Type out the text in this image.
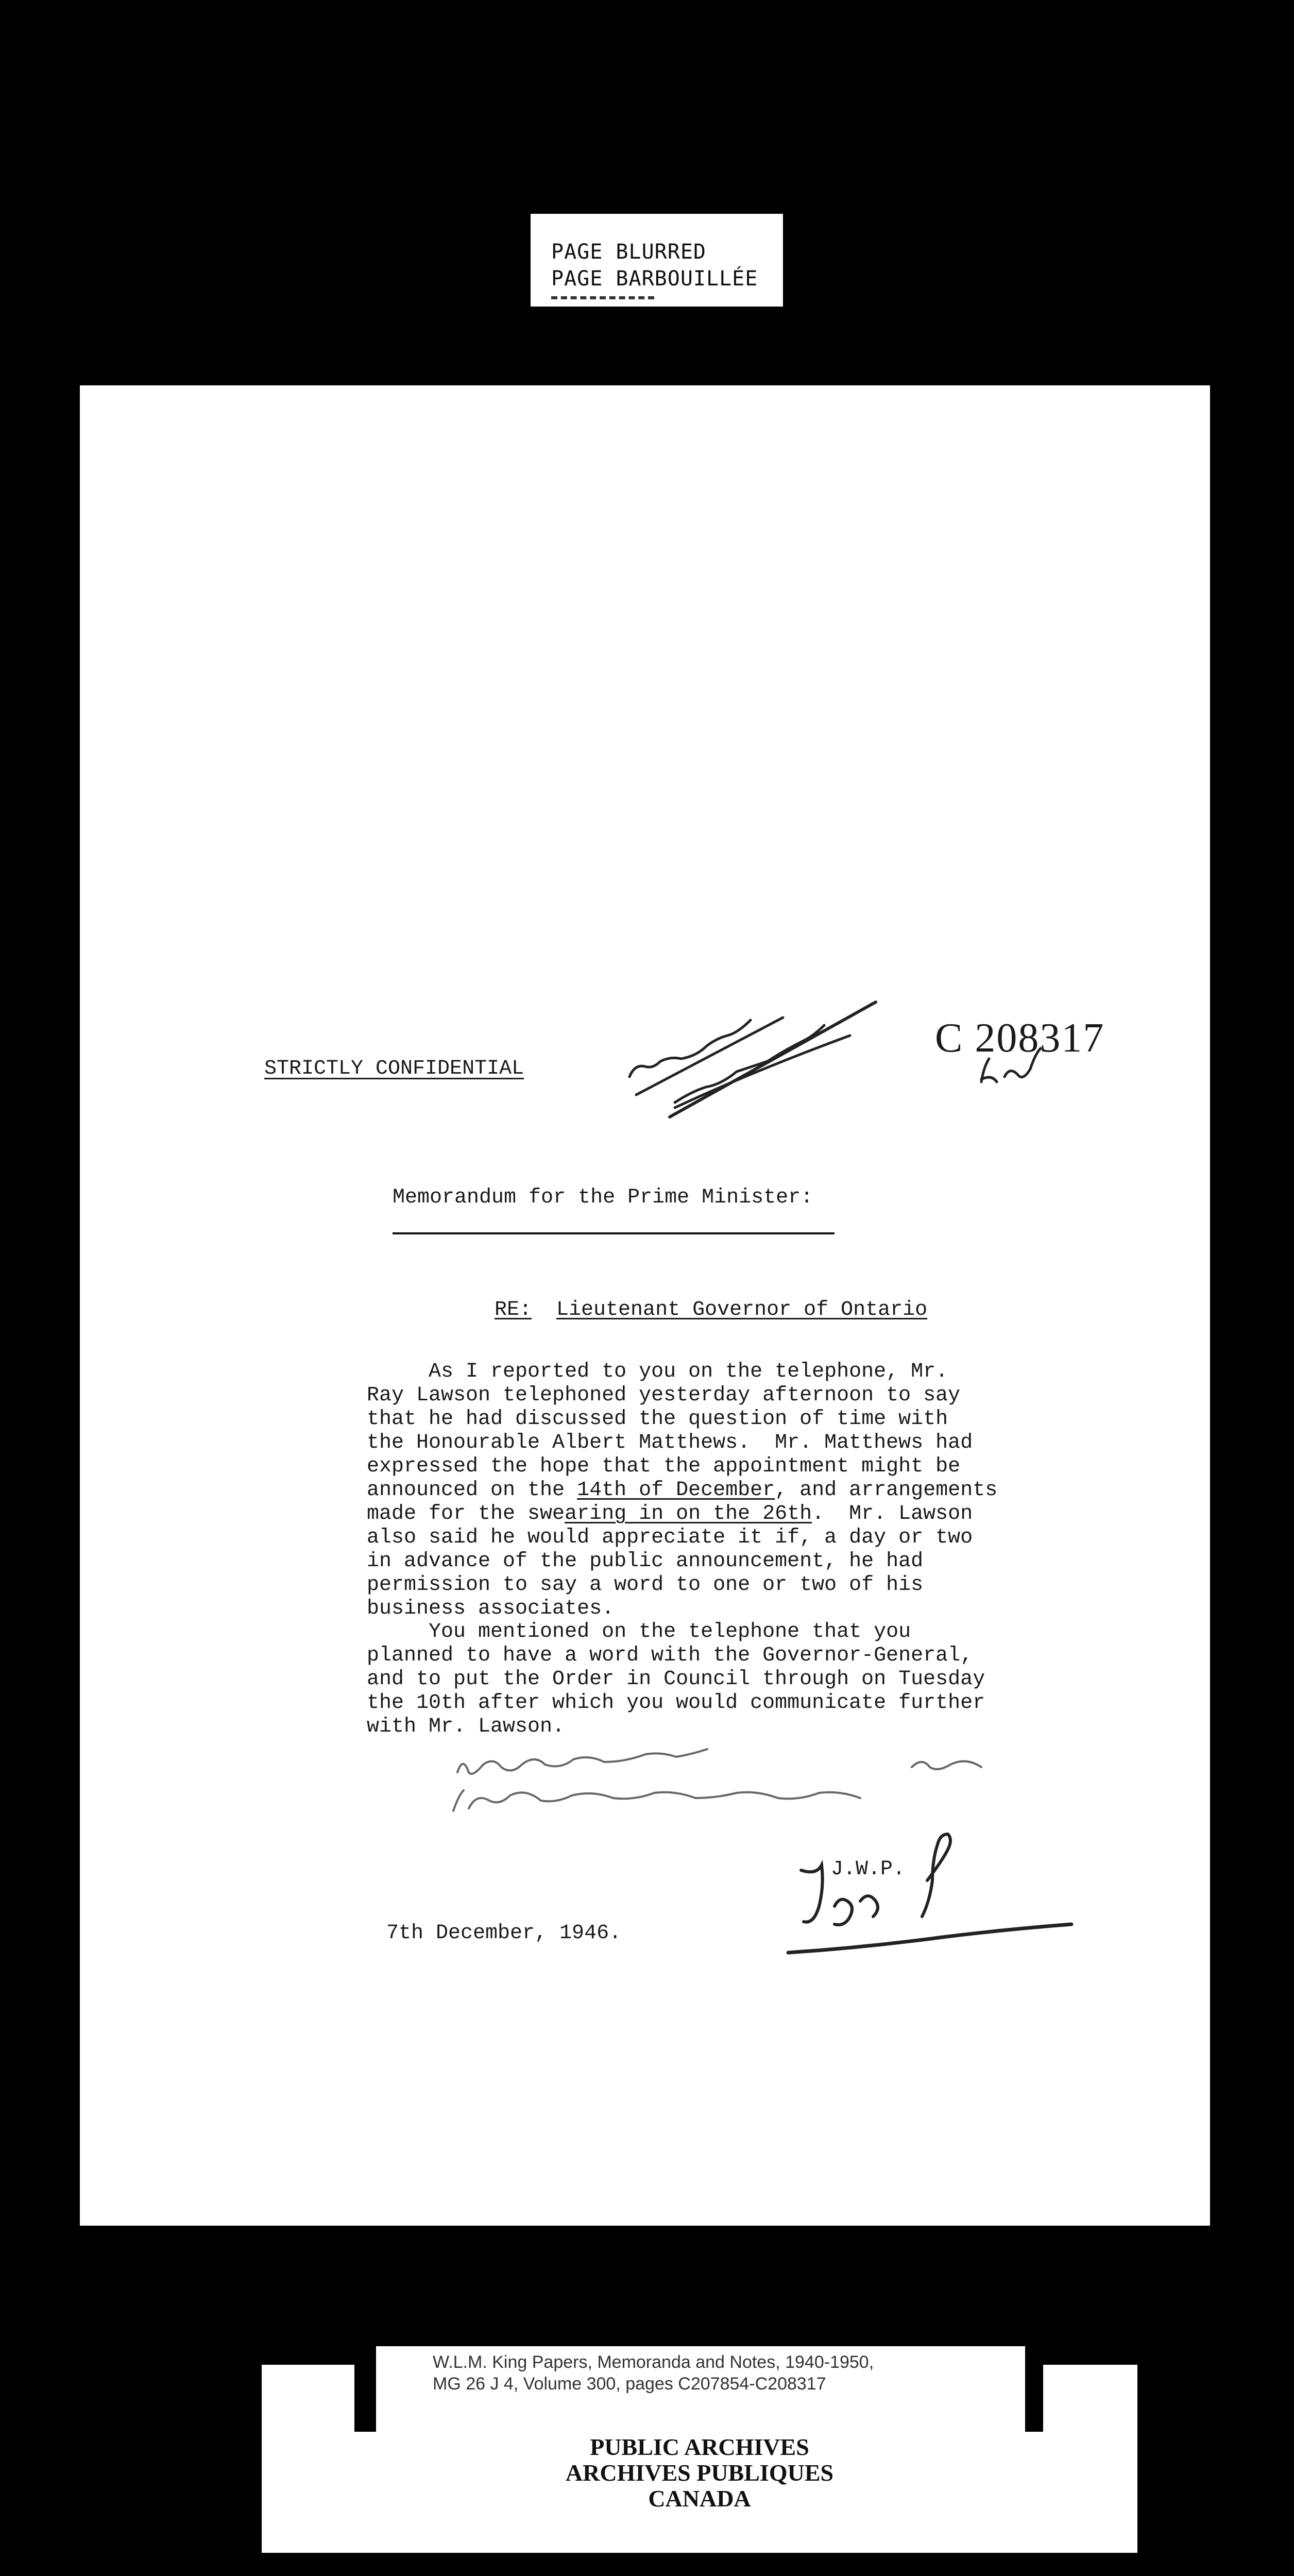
PAGE BLURRED
PAGE BARBOUILLÉE
STRICTLY CONFIDENTIAL
C 208317
Memorandum for the Prime Minister:
RE: Lieutenant Governor of Ontario
As I reported to you on the telephone, Mr.
Ray Lawson telephoned yesterday afternoon to say
that he had discussed the question of time with
the Honourable Albert Matthews.  Mr. Matthews had
expressed the hope that the appointment might be
announced on the 14th of December, and arrangements
made for the swearing in on the 26th.  Mr. Lawson
also said he would appreciate it if, a day or two
in advance of the public announcement, he had
permission to say a word to one or two of his
business associates.
You mentioned on the telephone that you
planned to have a word with the Governor-General,
and to put the Order in Council through on Tuesday
the 10th after which you would communicate further
with Mr. Lawson.
J.W.P.
7th December, 1946.
W.L.M. King Papers, Memoranda and Notes, 1940-1950,
MG 26 J 4, Volume 300, pages C207854-C208317
PUBLIC ARCHIVES
ARCHIVES PUBLIQUES
CANADA
